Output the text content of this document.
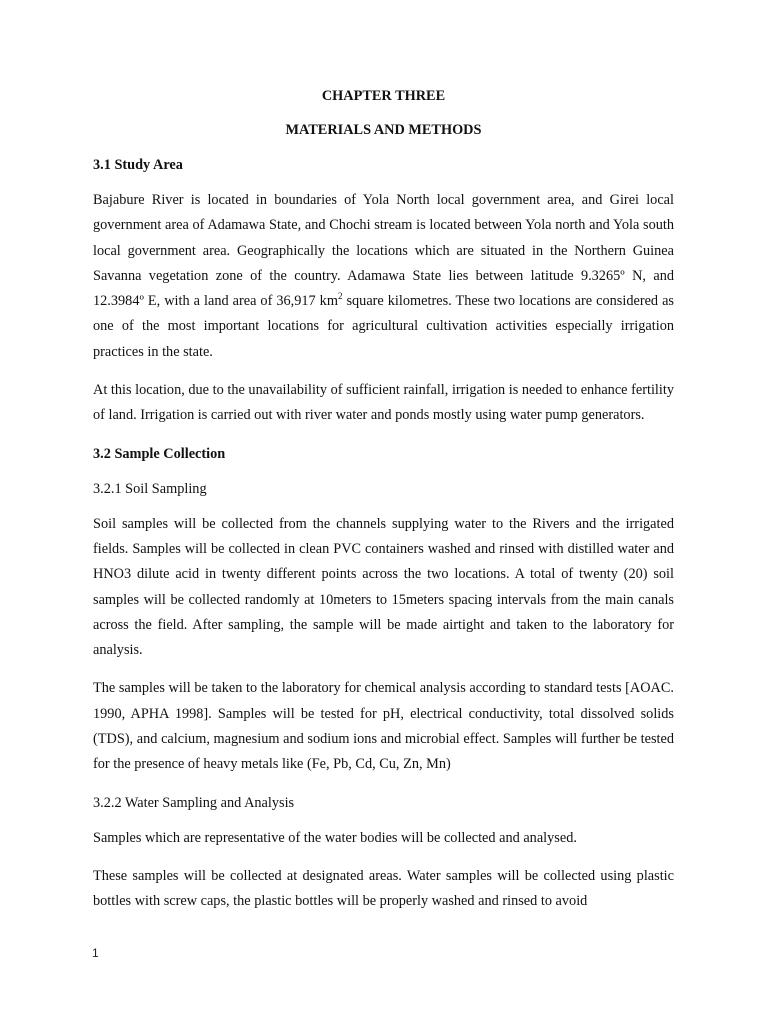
CHAPTER THREE
MATERIALS AND METHODS
3.1 Study Area

Bajabure River is located in boundaries of Yola North local government area, and Girei local government area of Adamawa State, and Chochi stream is located between Yola north and Yola south local government area. Geographically the locations which are situated in the Northern Guinea Savanna vegetation zone of the country. Adamawa State lies between latitude 9.3265º N, and 12.3984º E, with a land area of 36,917 $km^2$ square kilometres. These two locations are considered as one of the most important locations for agricultural cultivation activities especially irrigation practices in the state.

At this location, due to the unavailability of sufficient rainfall, irrigation is needed to enhance fertility of land. Irrigation is carried out with river water and ponds mostly using water pump generators.

3.2 Sample Collection
3.2.1 Soil Sampling

Soil samples will be collected from the channels supplying water to the Rivers and the irrigated fields. Samples will be collected in clean PVC containers washed and rinsed with distilled water and HNO3 dilute acid in twenty different points across the two locations. A total of twenty (20) soil samples will be collected randomly at 10meters to 15meters spacing intervals from the main canals across the field. After sampling, the sample will be made airtight and taken to the laboratory for analysis.

The samples will be taken to the laboratory for chemical analysis according to standard tests [AOAC. 1990, APHA 1998]. Samples will be tested for pH, electrical conductivity, total dissolved solids (TDS), and calcium, magnesium and sodium ions and microbial effect. Samples will further be tested for the presence of heavy metals like (Fe, Pb, Cd, Cu, Zn, Mn)

3.2.2 Water Sampling and Analysis

Samples which are representative of the water bodies will be collected and analysed.

These samples will be collected at designated areas. Water samples will be collected using plastic bottles with screw caps, the plastic bottles will be properly washed and rinsed to avoid

1
